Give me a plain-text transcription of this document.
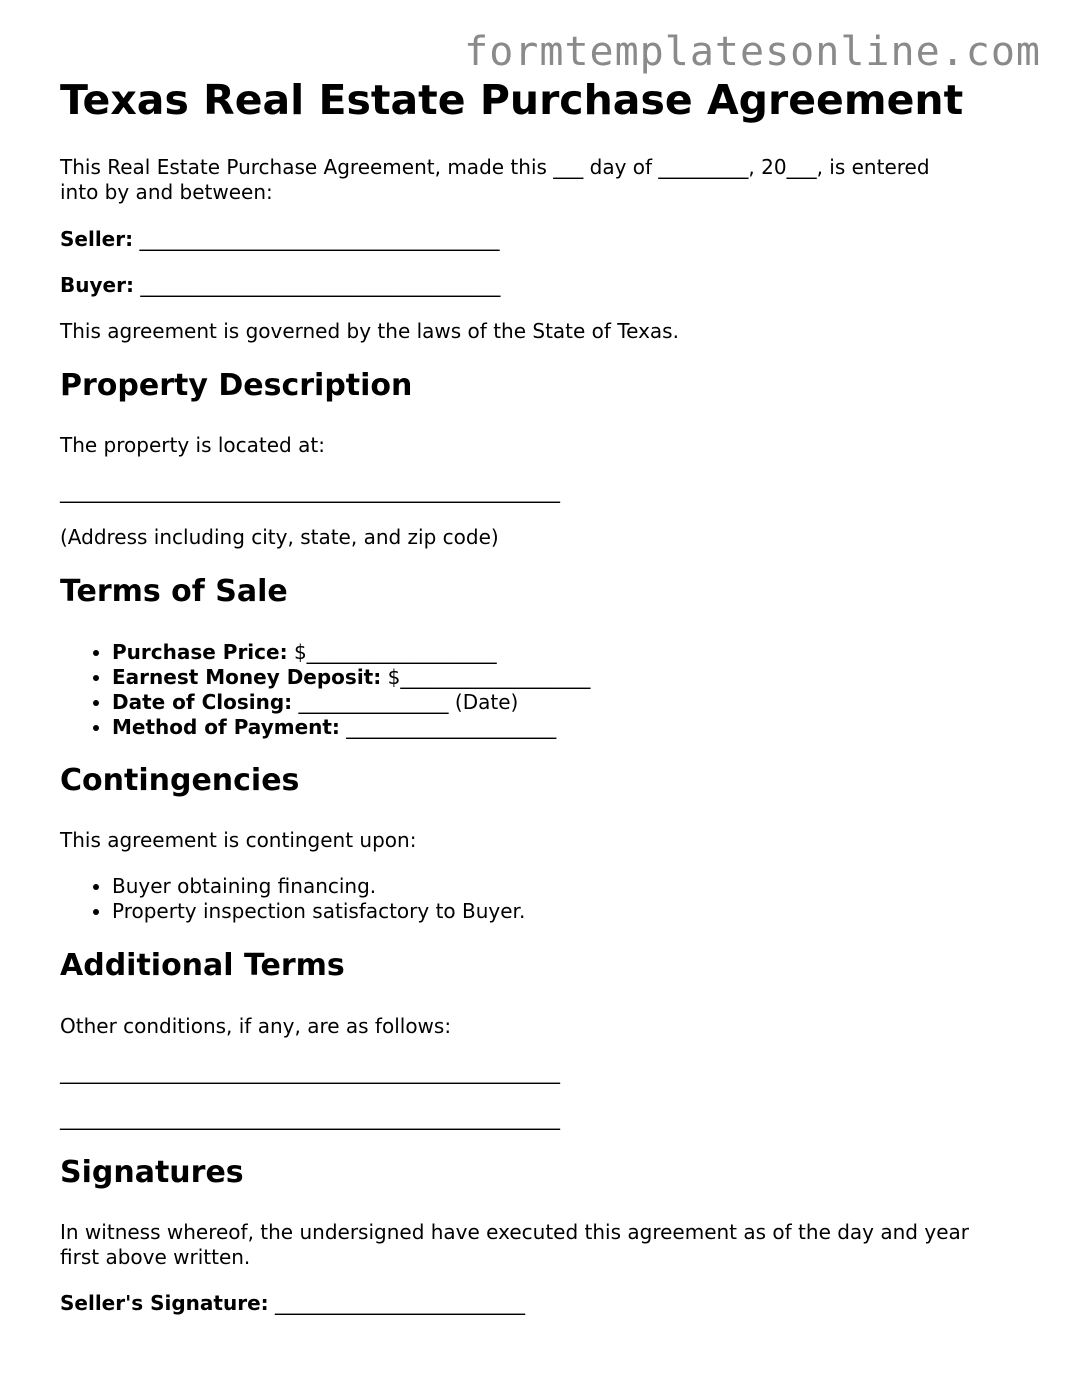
formtemplatesonline.com
Texas Real Estate Purchase Agreement

This Real Estate Purchase Agreement, made this ___ day of _________, 20___, is entered
into by and between:

Seller: ____________________________________

Buyer: ____________________________________

This agreement is governed by the laws of the State of Texas.

Property Description

The property is located at:

__________________________________________________

(Address including city, state, and zip code)

Terms of Sale
• Purchase Price: $___________________
• Earnest Money Deposit: $___________________
• Date of Closing: _______________ (Date)
• Method of Payment: _____________________
Contingencies

This agreement is contingent upon:

• Buyer obtaining financing.
• Property inspection satisfactory to Buyer.
Additional Terms

Other conditions, if any, are as follows:

__________________________________________________

__________________________________________________

Signatures

In witness whereof, the undersigned have executed this agreement as of the day and year
first above written.

Seller's Signature: _________________________
